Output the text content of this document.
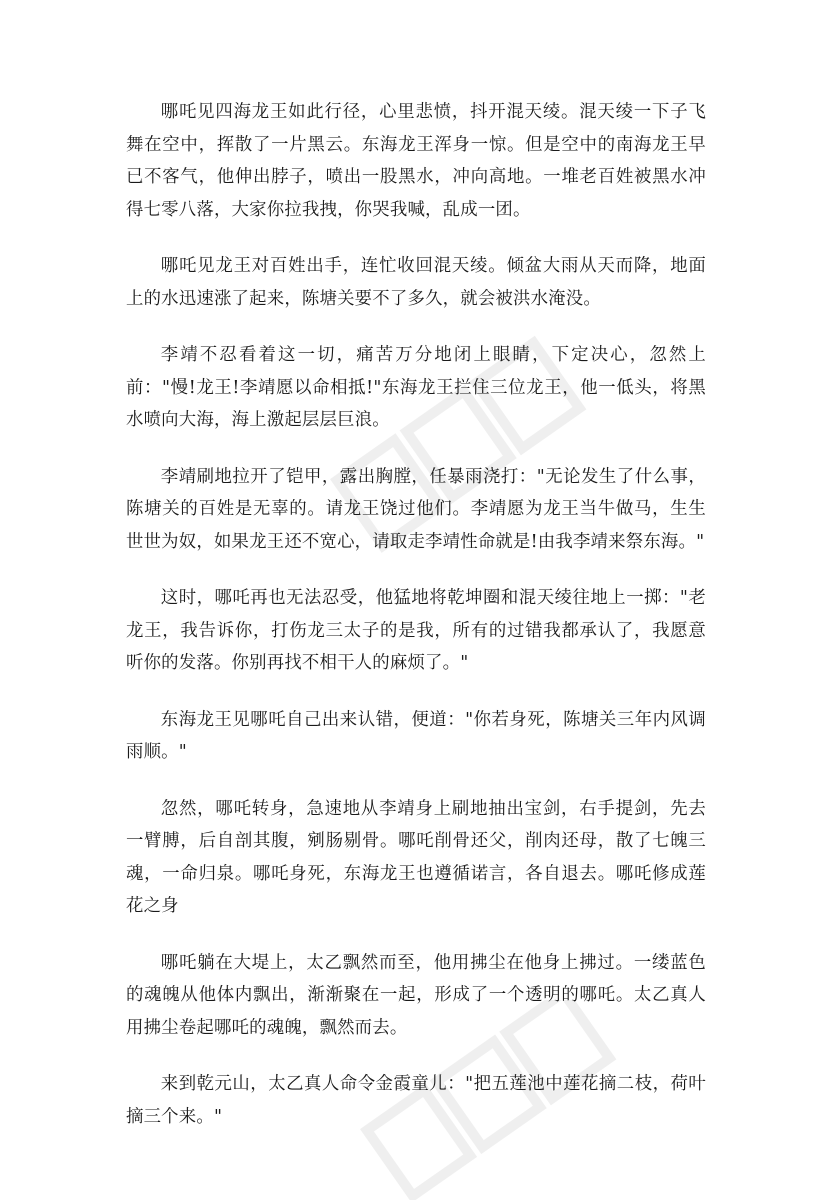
哪吒见四海龙王如此行径，心里悲愤，抖开混天绫。混天绫一下子飞舞在空中，挥散了一片黑云。东海龙王浑身一惊。但是空中的南海龙王早已不客气，他伸出脖子，喷出一股黑水，冲向高地。一堆老百姓被黑水冲得七零八落，大家你拉我拽，你哭我喊，乱成一团。

哪吒见龙王对百姓出手，连忙收回混天绫。倾盆大雨从天而降，地面上的水迅速涨了起来，陈塘关要不了多久，就会被洪水淹没。

李靖不忍看着这一切，痛苦万分地闭上眼睛，下定决心，忽然上前："慢!龙王!李靖愿以命相抵!"东海龙王拦住三位龙王，他一低头，将黑水喷向大海，海上激起层层巨浪。

李靖刷地拉开了铠甲，露出胸膛，任暴雨浇打："无论发生了什么事，陈塘关的百姓是无辜的。请龙王饶过他们。李靖愿为龙王当牛做马，生生世世为奴，如果龙王还不宽心，请取走李靖性命就是!由我李靖来祭东海。"

这时，哪吒再也无法忍受，他猛地将乾坤圈和混天绫往地上一掷："老龙王，我告诉你，打伤龙三太子的是我，所有的过错我都承认了，我愿意听你的发落。你别再找不相干人的麻烦了。"

东海龙王见哪吒自己出来认错，便道："你若身死，陈塘关三年内风调雨顺。"

忽然，哪吒转身，急速地从李靖身上刷地抽出宝剑，右手提剑，先去一臂膊，后自剖其腹，剜肠剔骨。哪吒削骨还父，削肉还母，散了七魄三魂，一命归泉。哪吒身死，东海龙王也遵循诺言，各自退去。哪吒修成莲花之身

哪吒躺在大堤上，太乙飘然而至，他用拂尘在他身上拂过。一缕蓝色的魂魄从他体内飘出，渐渐聚在一起，形成了一个透明的哪吒。太乙真人用拂尘卷起哪吒的魂魄，飘然而去。

来到乾元山，太乙真人命令金霞童儿："把五莲池中莲花摘二枝，荷叶摘三个来。"
